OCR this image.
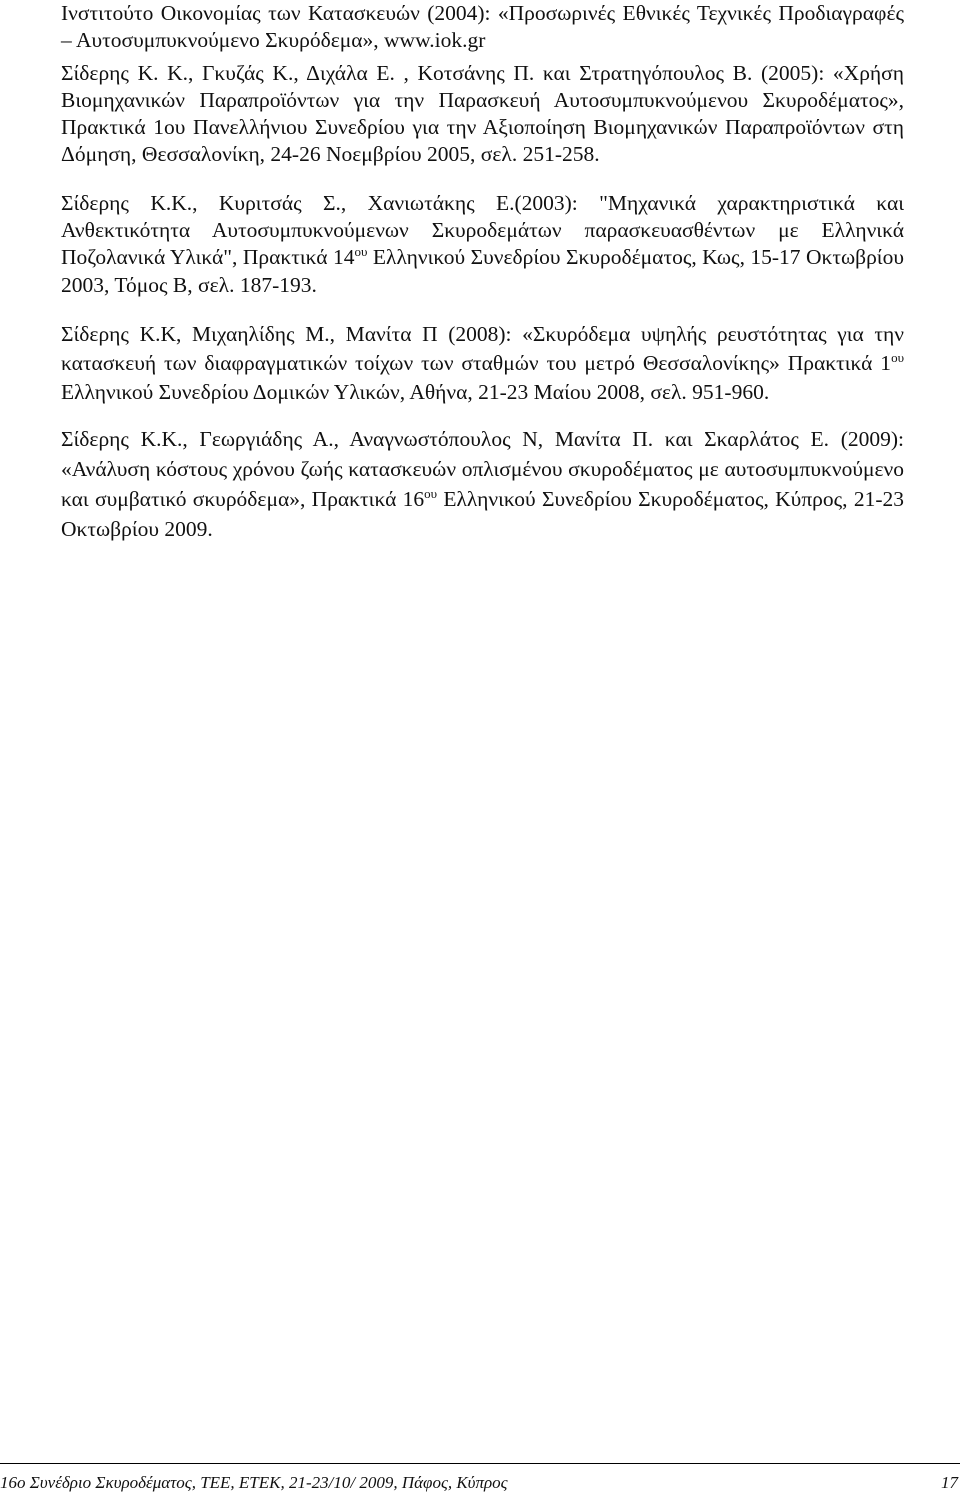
Ινστιτούτο Οικονομίας των Κατασκευών (2004): «Προσωρινές Εθνικές Τεχνικές Προδιαγραφές – Αυτοσυμπυκνούμενο Σκυρόδεμα», www.iok.gr

Σίδερης Κ. Κ., Γκυζάς Κ., Διχάλα Ε. , Κοτσάνης Π. και Στρατηγόπουλος Β. (2005): «Χρήση Βιομηχανικών Παραπροϊόντων για την Παρασκευή Αυτοσυμπυκνούμενου Σκυροδέματος», Πρακτικά 1ου Πανελλήνιου Συνεδρίου για την Αξιοποίηση Βιομηχανικών Παραπροϊόντων στη Δόμηση, Θεσσαλονίκη, 24-26 Νοεμβρίου 2005, σελ. 251-258.

Σίδερης Κ.Κ., Κυριτσάς Σ., Χανιωτάκης Ε.(2003): "Μηχανικά χαρακτηριστικά και Ανθεκτικότητα Αυτοσυμπυκνούμενων Σκυροδεμάτων παρασκευασθέντων με Ελληνικά Ποζολανικά Υλικά", Πρακτικά $14^{o\upsilon}$ Ελληνικού Συνεδρίου Σκυροδέματος, Κως, 15-17 Οκτωβρίου 2003, Τόμος Β, σελ. 187-193.

Σίδερης Κ.Κ, Μιχαηλίδης Μ., Μανίτα Π (2008): «Σκυρόδεμα υψηλής ρευστότητας για την κατασκευή των διαφραγματικών τοίχων των σταθμών του μετρό Θεσσαλονίκης» Πρακτικά $1^{o\upsilon}$ Ελληνικού Συνεδρίου Δομικών Υλικών, Αθήνα, 21-23 Μαίου 2008, σελ. 951-960.

Σίδερης Κ.Κ., Γεωργιάδης Α., Αναγνωστόπουλος Ν, Μανίτα Π. και Σκαρλάτος Ε. (2009): «Ανάλυση κόστους χρόνου ζωής κατασκευών οπλισμένου σκυροδέματος με αυτοσυμπυκνούμενο και συμβατικό σκυρόδεμα», Πρακτικά $16^{o\upsilon}$ Ελληνικού Συνεδρίου Σκυροδέματος, Κύπρος, 21-23 Οκτωβρίου 2009.

16ο Συνέδριο Σκυροδέματος, ΤΕΕ, ΕΤΕΚ, 21-23/10/ 2009, Πάφος, Κύπρος	17
